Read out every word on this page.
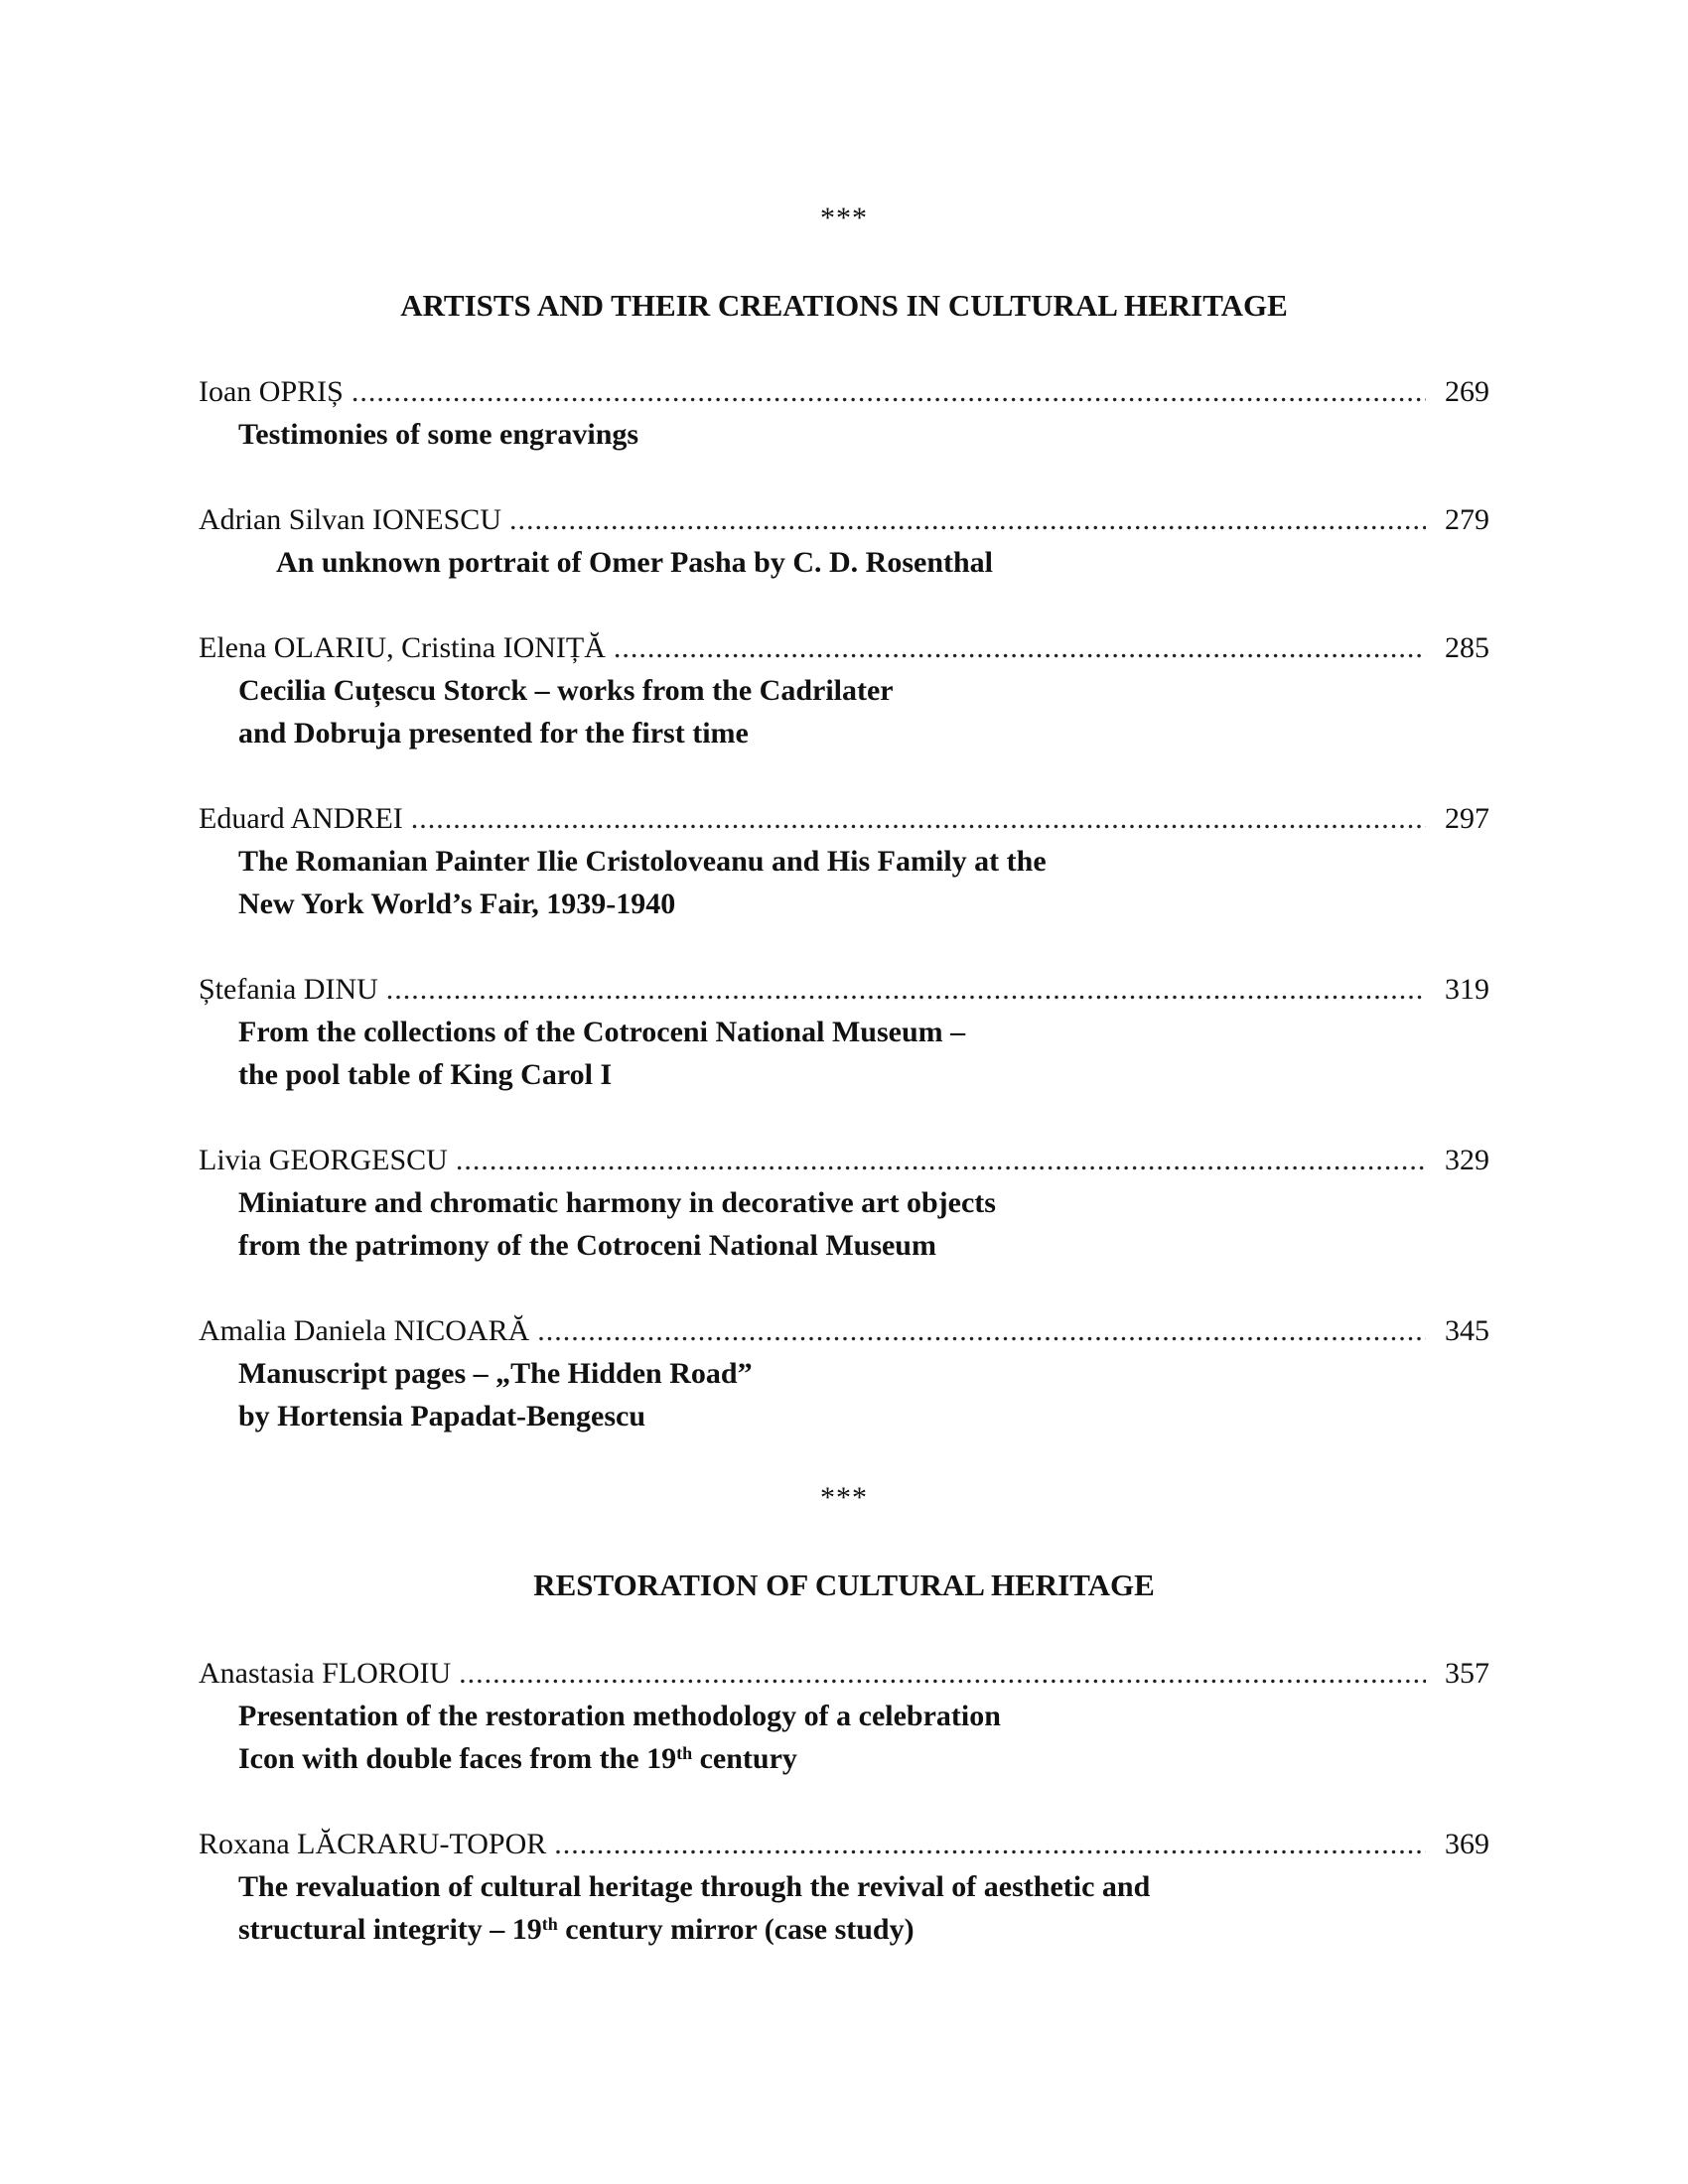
***
ARTISTS AND THEIR CREATIONS IN CULTURAL HERITAGE
Ioan OPRIȘ .....	269
Testimonies of some engravings
Adrian Silvan IONESCU .....	279
An unknown portrait of Omer Pasha by C. D. Rosenthal
Elena OLARIU, Cristina IONIȚĂ .....	285
Cecilia Cuțescu Storck – works from the Cadrilater
and Dobruja presented for the first time
Eduard ANDREI .....	297
The Romanian Painter Ilie Cristoloveanu and His Family at the
New York World’s Fair, 1939-1940
Ștefania DINU .....	319
From the collections of the Cotroceni National Museum –
the pool table of King Carol I
Livia GEORGESCU .....	329
Miniature and chromatic harmony in decorative art objects
from the patrimony of the Cotroceni National Museum
Amalia Daniela NICOARĂ .....	345
Manuscript pages – „The Hidden Road”
by Hortensia Papadat-Bengescu
***
RESTORATION OF CULTURAL HERITAGE
Anastasia FLOROIU .....	357
Presentation of the restoration methodology of a celebration
Icon with double faces from the 19th century
Roxana LĂCRARU-TOPOR .....	369
The revaluation of cultural heritage through the revival of aesthetic and
structural integrity – 19th century mirror (case study)
